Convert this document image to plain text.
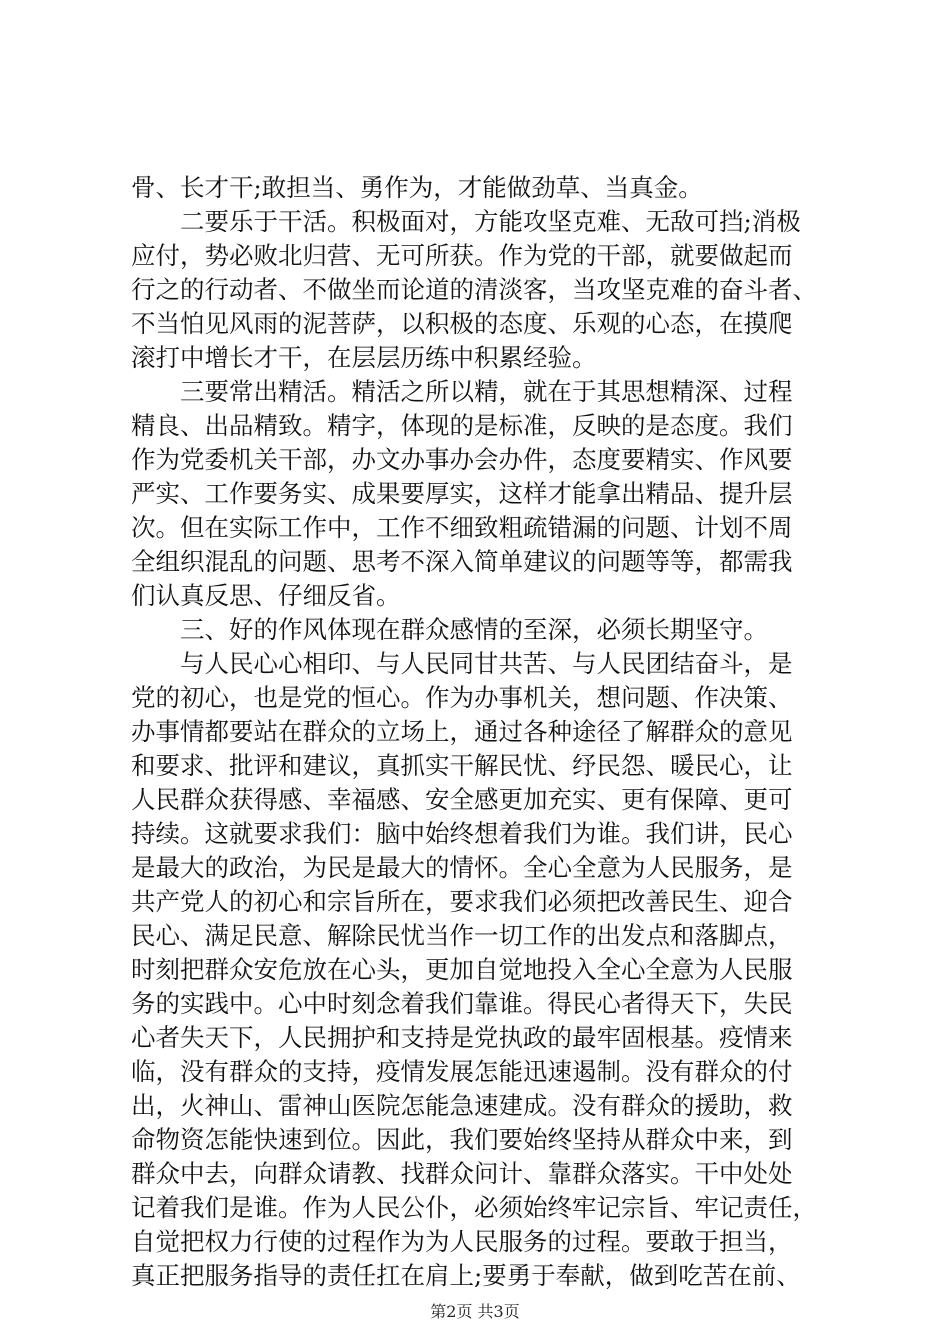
骨、长才干;敢担当、勇作为，才能做劲草、当真金。
二要乐于干活。积极面对，方能攻坚克难、无敌可挡;消极
应付，势必败北归营、无可所获。作为党的干部，就要做起而
行之的行动者、不做坐而论道的清淡客，当攻坚克难的奋斗者、
不当怕见风雨的泥菩萨，以积极的态度、乐观的心态，在摸爬
滚打中增长才干，在层层历练中积累经验。
三要常出精活。精活之所以精，就在于其思想精深、过程
精良、出品精致。精字，体现的是标准，反映的是态度。我们
作为党委机关干部，办文办事办会办件，态度要精实、作风要
严实、工作要务实、成果要厚实，这样才能拿出精品、提升层
次。但在实际工作中，工作不细致粗疏错漏的问题、计划不周
全组织混乱的问题、思考不深入简单建议的问题等等，都需我
们认真反思、仔细反省。
三、好的作风体现在群众感情的至深，必须长期坚守。
与人民心心相印、与人民同甘共苦、与人民团结奋斗，是
党的初心，也是党的恒心。作为办事机关，想问题、作决策、
办事情都要站在群众的立场上，通过各种途径了解群众的意见
和要求、批评和建议，真抓实干解民忧、纾民怨、暖民心，让
人民群众获得感、幸福感、安全感更加充实、更有保障、更可
持续。这就要求我们：脑中始终想着我们为谁。我们讲，民心
是最大的政治，为民是最大的情怀。全心全意为人民服务，是
共产党人的初心和宗旨所在，要求我们必须把改善民生、迎合
民心、满足民意、解除民忧当作一切工作的出发点和落脚点，
时刻把群众安危放在心头，更加自觉地投入全心全意为人民服
务的实践中。心中时刻念着我们靠谁。得民心者得天下，失民
心者失天下，人民拥护和支持是党执政的最牢固根基。疫情来
临，没有群众的支持，疫情发展怎能迅速遏制。没有群众的付
出，火神山、雷神山医院怎能急速建成。没有群众的援助，救
命物资怎能快速到位。因此，我们要始终坚持从群众中来，到
群众中去，向群众请教、找群众问计、靠群众落实。干中处处
记着我们是谁。作为人民公仆，必须始终牢记宗旨、牢记责任，
自觉把权力行使的过程作为为人民服务的过程。要敢于担当，
真正把服务指导的责任扛在肩上;要勇于奉献，做到吃苦在前、
第2页 共3页
